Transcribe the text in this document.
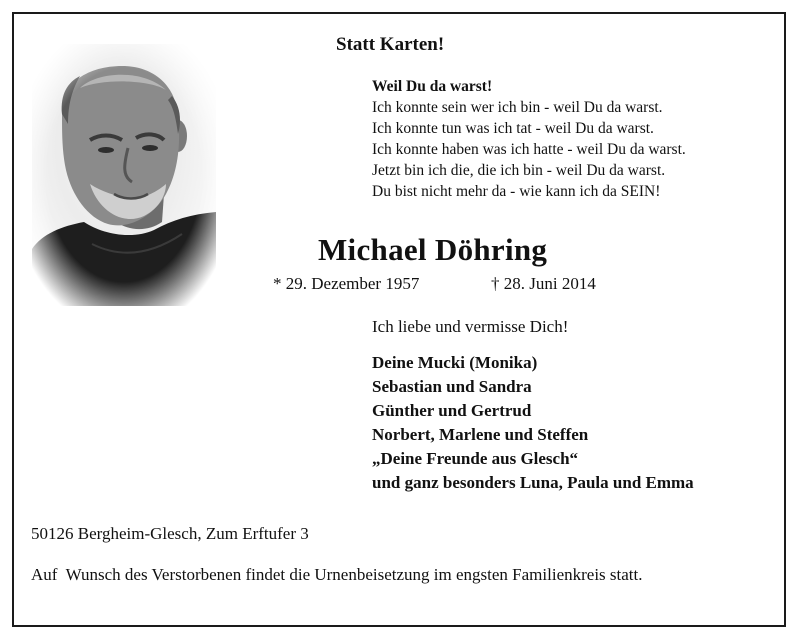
Statt Karten!
Weil Du da warst!
Ich konnte sein wer ich bin - weil Du da warst.
Ich konnte tun was ich tat - weil Du da warst.
Ich konnte haben was ich hatte - weil Du da warst.
Jetzt bin ich die, die ich bin - weil Du da warst.
Du bist nicht mehr da - wie kann ich da SEIN!
Michael Döhring
* 29. Dezember 1957	† 28. Juni 2014
Ich liebe und vermisse Dich!
Deine Mucki (Monika)
Sebastian und Sandra
Günther und Gertrud
Norbert, Marlene und Steffen
„Deine Freunde aus Glesch“
und ganz besonders Luna, Paula und Emma
50126 Bergheim-Glesch, Zum Erftufer 3
Auf  Wunsch des Verstorbenen findet die Urnenbeisetzung im engsten Familienkreis statt.
